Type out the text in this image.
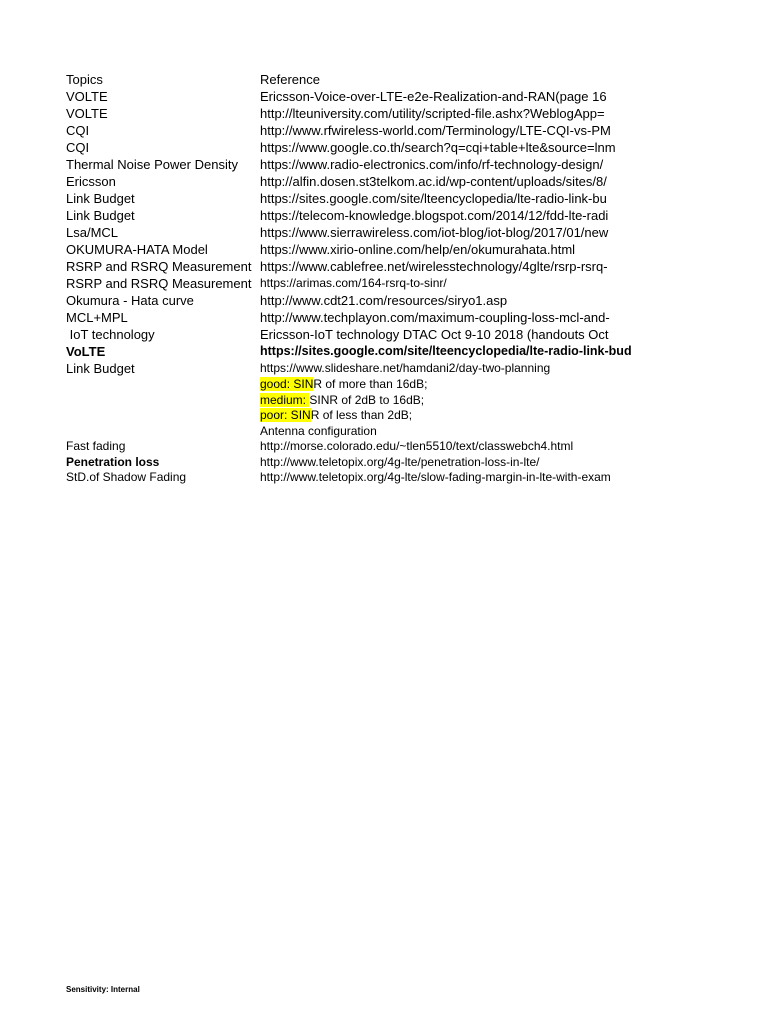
Topics	Reference
VOLTE	Ericsson-Voice-over-LTE-e2e-Realization-and-RAN(page 16
VOLTE	http://lteuniversity.com/utility/scripted-file.ashx?WeblogApp=
CQI	http://www.rfwireless-world.com/Terminology/LTE-CQI-vs-PM
CQI	https://www.google.co.th/search?q=cqi+table+lte&source=lnm
Thermal Noise Power Density	https://www.radio-electronics.com/info/rf-technology-design/
Ericsson	http://alfin.dosen.st3telkom.ac.id/wp-content/uploads/sites/8/
Link Budget	https://sites.google.com/site/lteencyclopedia/lte-radio-link-bu
Link Budget	https://telecom-knowledge.blogspot.com/2014/12/fdd-lte-radi
Lsa/MCL	https://www.sierrawireless.com/iot-blog/iot-blog/2017/01/new
OKUMURA-HATA Model	https://www.xirio-online.com/help/en/okumurahata.html
RSRP and RSRQ Measurement https://www.cablefree.net/wirelesstechnology/4glte/rsrp-rsrq-
RSRP and RSRQ Measurement https://arimas.com/164-rsrq-to-sinr/
Okumura - Hata curve	http://www.cdt21.com/resources/siryo1.asp
MCL+MPL	http://www.techplayon.com/maximum-coupling-loss-mcl-and-
IoT technology	Ericsson-IoT technology DTAC Oct 9-10 2018 (handouts Oct
VoLTE	https://sites.google.com/site/lteencyclopedia/lte-radio-link-bud
Link Budget	https://www.slideshare.net/hamdani2/day-two-planning
good: SINR of more than 16dB;
medium: SINR of 2dB to 16dB;
poor: SINR of less than 2dB;
Antenna configuration
Fast fading	http://morse.colorado.edu/~tlen5510/text/classwebch4.html
Penetration loss	http://www.teletopix.org/4g-lte/penetration-loss-in-lte/
StD.of Shadow Fading	http://www.teletopix.org/4g-lte/slow-fading-margin-in-lte-with-exam
Sensitivity: Internal
